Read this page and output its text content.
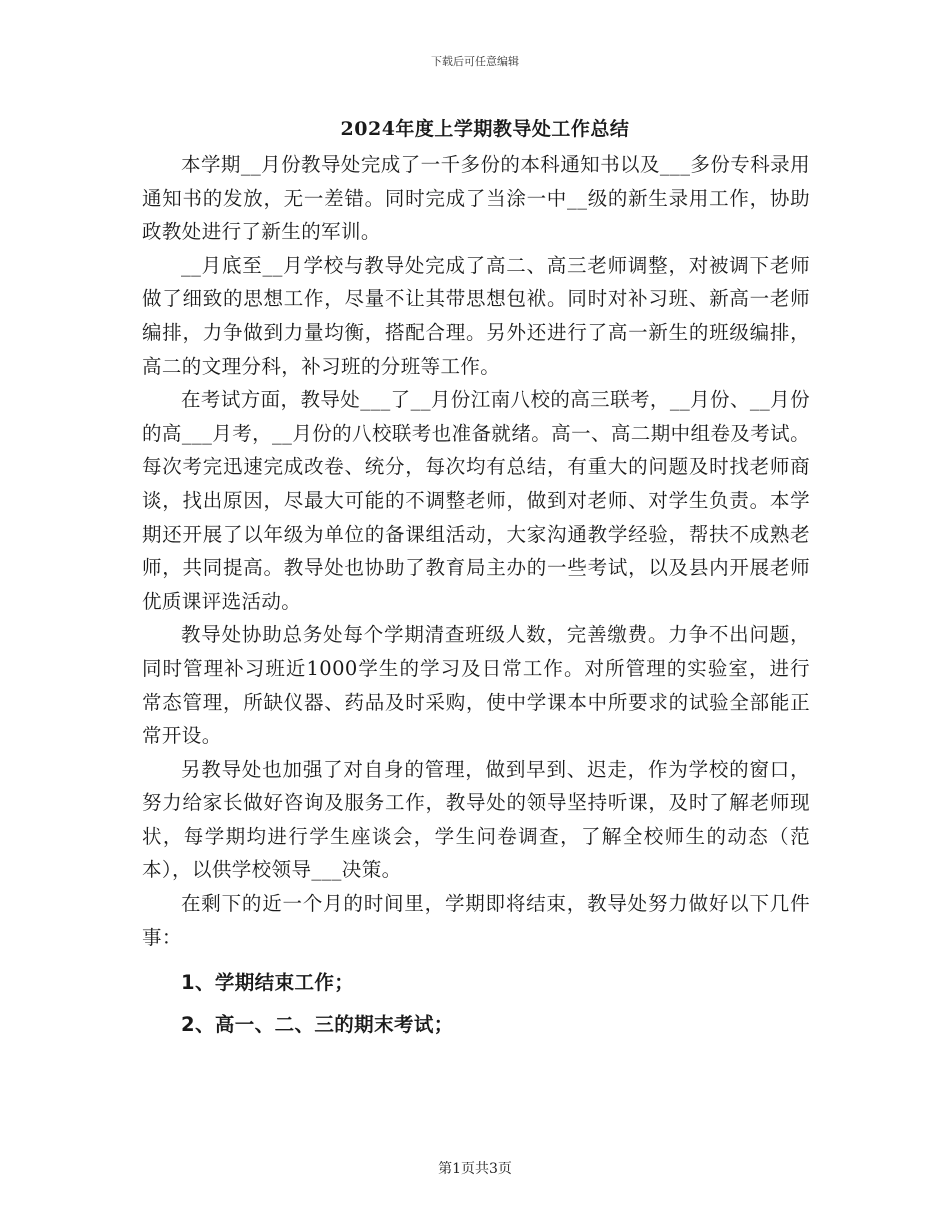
下载后可任意编辑
2024年度上学期教导处工作总结

本学期__月份教导处完成了一千多份的本科通知书以及___多份专科录用通知书的发放，无一差错。同时完成了当涂一中__级的新生录用工作，协助政教处进行了新生的军训。

__月底至__月学校与教导处完成了高二、高三老师调整，对被调下老师做了细致的思想工作，尽量不让其带思想包袱。同时对补习班、新高一老师编排，力争做到力量均衡，搭配合理。另外还进行了高一新生的班级编排，高二的文理分科，补习班的分班等工作。

在考试方面，教导处___了__月份江南八校的高三联考，__月份、__月份的高___月考，__月份的八校联考也准备就绪。高一、高二期中组卷及考试。每次考完迅速完成改卷、统分，每次均有总结，有重大的问题及时找老师商谈，找出原因，尽最大可能的不调整老师，做到对老师、对学生负责。本学期还开展了以年级为单位的备课组活动，大家沟通教学经验，帮扶不成熟老师，共同提高。教导处也协助了教育局主办的一些考试，以及县内开展老师优质课评选活动。

教导处协助总务处每个学期清查班级人数，完善缴费。力争不出问题，同时管理补习班近1000学生的学习及日常工作。对所管理的实验室，进行常态管理，所缺仪器、药品及时采购，使中学课本中所要求的试验全部能正常开设。

另教导处也加强了对自身的管理，做到早到、迟走，作为学校的窗口，努力给家长做好咨询及服务工作，教导处的领导坚持听课，及时了解老师现状，每学期均进行学生座谈会，学生问卷调查，了解全校师生的动态（范本），以供学校领导___决策。

在剩下的近一个月的时间里，学期即将结束，教导处努力做好以下几件事：

1、学期结束工作；

2、高一、二、三的期末考试；

第1页共3页
